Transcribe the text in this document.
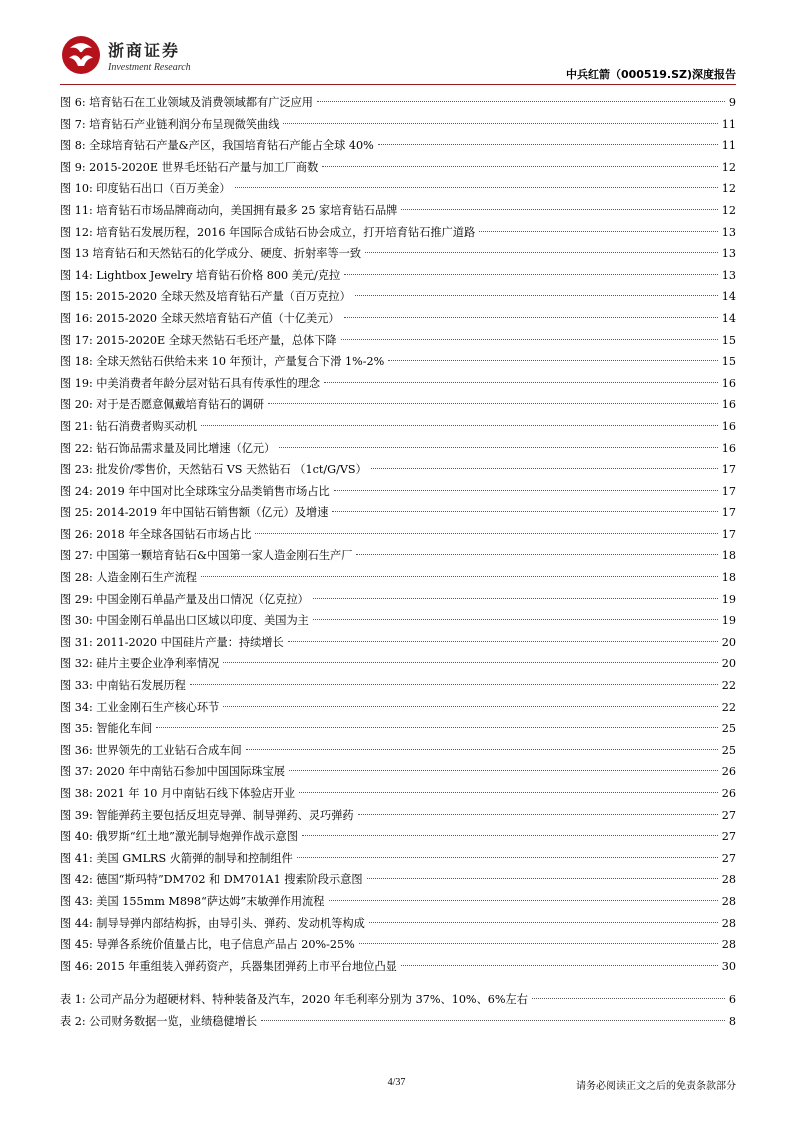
浙商证券
Investment Research
中兵红箭（000519.SZ)深度报告
图 6: 培育钻石在工业领域及消费领域都有广泛应用	9
图 7: 培育钻石产业链利润分布呈现微笑曲线	11
图 8: 全球培育钻石产量&产区，我国培育钻石产能占全球 40%	11
图 9: 2015-2020E 世界毛坯钻石产量与加工厂商数	12
图 10: 印度钻石出口（百万美金）	12
图 11: 培育钻石市场品牌商动向，美国拥有最多 25 家培育钻石品牌	12
图 12: 培育钻石发展历程，2016 年国际合成钻石协会成立，打开培育钻石推广道路	13
图 13 培育钻石和天然钻石的化学成分、硬度、折射率等一致	13
图 14: Lightbox Jewelry 培育钻石价格 800 美元/克拉	13
图 15: 2015-2020 全球天然及培育钻石产量（百万克拉）	14
图 16: 2015-2020 全球天然培育钻石产值（十亿美元）	14
图 17: 2015-2020E 全球天然钻石毛坯产量，总体下降	15
图 18: 全球天然钻石供给未来 10 年预计，产量复合下滑 1%-2%	15
图 19: 中美消费者年龄分层对钻石具有传承性的理念	16
图 20: 对于是否愿意佩戴培育钻石的调研	16
图 21: 钻石消费者购买动机	16
图 22: 钻石饰品需求量及同比增速（亿元）	16
图 23: 批发价/零售价，天然钻石 VS 天然钻石 （1ct/G/VS）	17
图 24: 2019 年中国对比全球珠宝分品类销售市场占比	17
图 25: 2014-2019 年中国钻石销售额（亿元）及增速	17
图 26: 2018 年全球各国钻石市场占比	17
图 27: 中国第一颗培育钻石&中国第一家人造金刚石生产厂	18
图 28: 人造金刚石生产流程	18
图 29: 中国金刚石单晶产量及出口情况（亿克拉）	19
图 30: 中国金刚石单晶出口区域以印度、美国为主	19
图 31: 2011-2020 中国硅片产量：持续增长	20
图 32: 硅片主要企业净利率情况	20
图 33: 中南钻石发展历程	22
图 34: 工业金刚石生产核心环节	22
图 35: 智能化车间	25
图 36: 世界领先的工业钻石合成车间	25
图 37: 2020 年中南钻石参加中国国际珠宝展	26
图 38: 2021 年 10 月中南钻石线下体验店开业	26
图 39: 智能弹药主要包括反坦克导弹、制导弹药、灵巧弹药	27
图 40: 俄罗斯“红土地”激光制导炮弹作战示意图	27
图 41: 美国 GMLRS 火箭弹的制导和控制组件	27
图 42: 德国“斯玛特”DM702 和 DM701A1 搜索阶段示意图	28
图 43: 美国 155mm M898“萨达姆”末敏弹作用流程	28
图 44: 制导导弹内部结构拆，由导引头、弹药、发动机等构成	28
图 45: 导弹各系统价值量占比，电子信息产品占 20%-25%	28
图 46: 2015 年重组装入弹药资产，兵器集团弹药上市平台地位凸显	30
表 1: 公司产品分为超硬材料、特种装备及汽车，2020 年毛利率分别为 37%、10%、6%左右	6
表 2: 公司财务数据一览，业绩稳健增长	8
4/37	请务必阅读正文之后的免责条款部分
